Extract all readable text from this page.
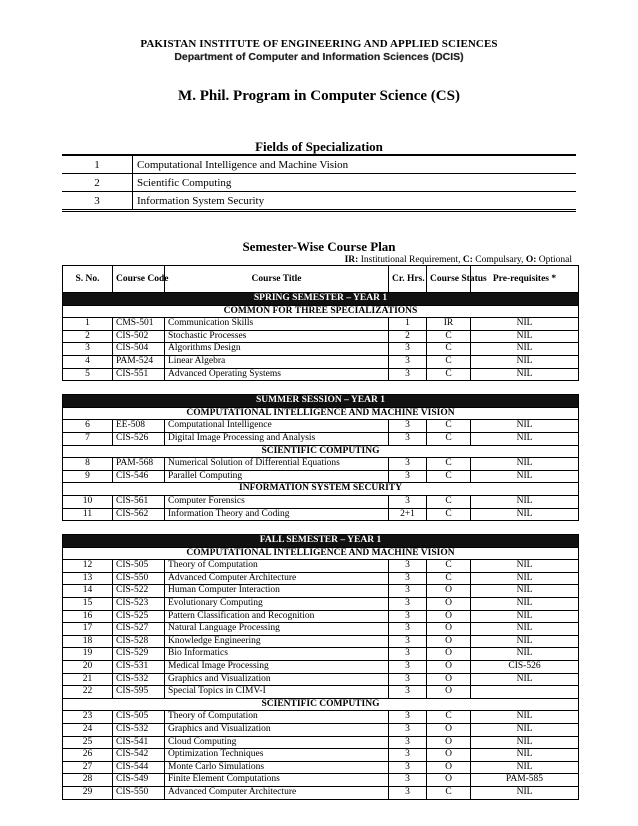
PAKISTAN INSTITUTE OF ENGINEERING AND APPLIED SCIENCES
Department of Computer and Information Sciences (DCIS)
M. Phil. Program in Computer Science (CS)
Fields of Specialization
1	Computational Intelligence and Machine Vision
2	Scientific Computing
3	Information System Security
Semester-Wise Course Plan
IR: Institutional Requirement, C: Compulsary, O: Optional
S. No.	Course Code	Course Title	Cr. Hrs.	Course Status	Pre-requisites *
SPRING SEMESTER – YEAR 1					
COMMON FOR THREE SPECIALIZATIONS					
1	CMS-501	Communication Skills	1	IR	NIL
2	CIS-502	Stochastic Processes	2	C	NIL
3	CIS-504	Algorithms Design	3	C	NIL
4	PAM-524	Linear Algebra	3	C	NIL
5	CIS-551	Advanced Operating Systems	3	C	NIL

SUMMER SESSION – YEAR 1					
COMPUTATIONAL INTELLIGENCE AND MACHINE VISION					
6	EE-508	Computational Intelligence	3	C	NIL
7	CIS-526	Digital Image Processing and Analysis	3	C	NIL
SCIENTIFIC COMPUTING					
8	PAM-568	Numerical Solution of Differential Equations	3	C	NIL
9	CIS-546	Parallel Computing	3	C	NIL
INFORMATION SYSTEM SECURITY					
10	CIS-561	Computer Forensics	3	C	NIL
11	CIS-562	Information Theory and Coding	2+1	C	NIL

FALL SEMESTER – YEAR 1					
COMPUTATIONAL INTELLIGENCE AND MACHINE VISION					
12	CIS-505	Theory of Computation	3	C	NIL
13	CIS-550	Advanced Computer Architecture	3	C	NIL
14	CIS-522	Human Computer Interaction	3	O	NIL
15	CIS-523	Evolutionary Computing	3	O	NIL
16	CIS-525	Pattern Classification and Recognition	3	O	NIL
17	CIS-527	Natural Language Processing	3	O	NIL
18	CIS-528	Knowledge Engineering	3	O	NIL
19	CIS-529	Bio Informatics	3	O	NIL
20	CIS-531	Medical Image Processing	3	O	CIS-526
21	CIS-532	Graphics and Visualization	3	O	NIL
22	CIS-595	Special Topics in CIMV-I	3	O	
SCIENTIFIC COMPUTING					
23	CIS-505	Theory of Computation	3	C	NIL
24	CIS-532	Graphics and Visualization	3	O	NIL
25	CIS-541	Cloud Computing	3	O	NIL
26	CIS-542	Optimization Techniques	3	O	NIL
27	CIS-544	Monte Carlo Simulations	3	O	NIL
28	CIS-549	Finite Element Computations	3	O	PAM-585
29	CIS-550	Advanced Computer Architecture	3	C	NIL
